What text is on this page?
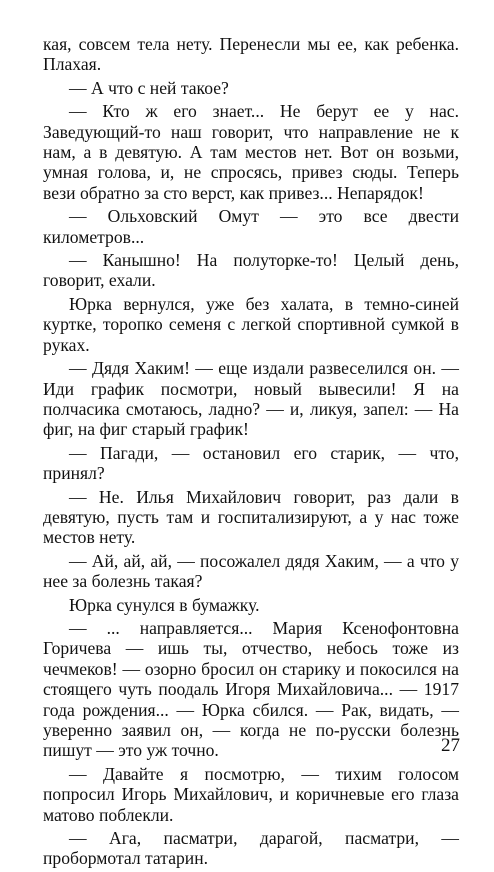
кая, совсем тела нету. Перенесли мы ее, как ребенка. Плахая.

— А что с ней такое?

— Кто ж его знает... Не берут ее у нас. Заведующий-то наш говорит, что направление не к нам, а в девятую. А там местов нет. Вот он возьми, умная голова, и, не спросясь, привез сюды. Теперь вези обратно за сто верст, как привез... Непарядок!

— Ольховский Омут — это все двести километров...

— Канышно! На полуторке-то! Целый день, говорит, ехали.

Юрка вернулся, уже без халата, в темно-синей куртке, торопко семеня с легкой спортивной сумкой в руках.

— Дядя Хаким! — еще издали развеселился он. — Иди график посмотри, новый вывесили! Я на полчасика смотаюсь, ладно? — и, ликуя, запел: — На фиг, на фиг старый график!

— Пагади, — остановил его старик, — что, принял?

— Не. Илья Михайлович говорит, раз дали в девятую, пусть там и госпитализируют, а у нас тоже местов нету.

— Ай, ай, ай, — посожалел дядя Хаким, — а что у нее за болезнь такая?

Юрка сунулся в бумажку.

— ... направляется... Мария Ксенофонтовна Горичева — ишь ты, отчество, небось тоже из чечмеков! — озорно бросил он старику и покосился на стоящего чуть поодаль Игоря Михайловича... — 1917 года рождения... — Юрка сбился. — Рак, видать, — уверенно заявил он, — когда не по-русски болезнь пишут — это уж точно.

— Давайте я посмотрю, — тихим голосом попросил Игорь Михайлович, и коричневые его глаза матово поблекли.

— Ага, пасматри, дарагой, пасматри, — пробормотал татарин.

27
